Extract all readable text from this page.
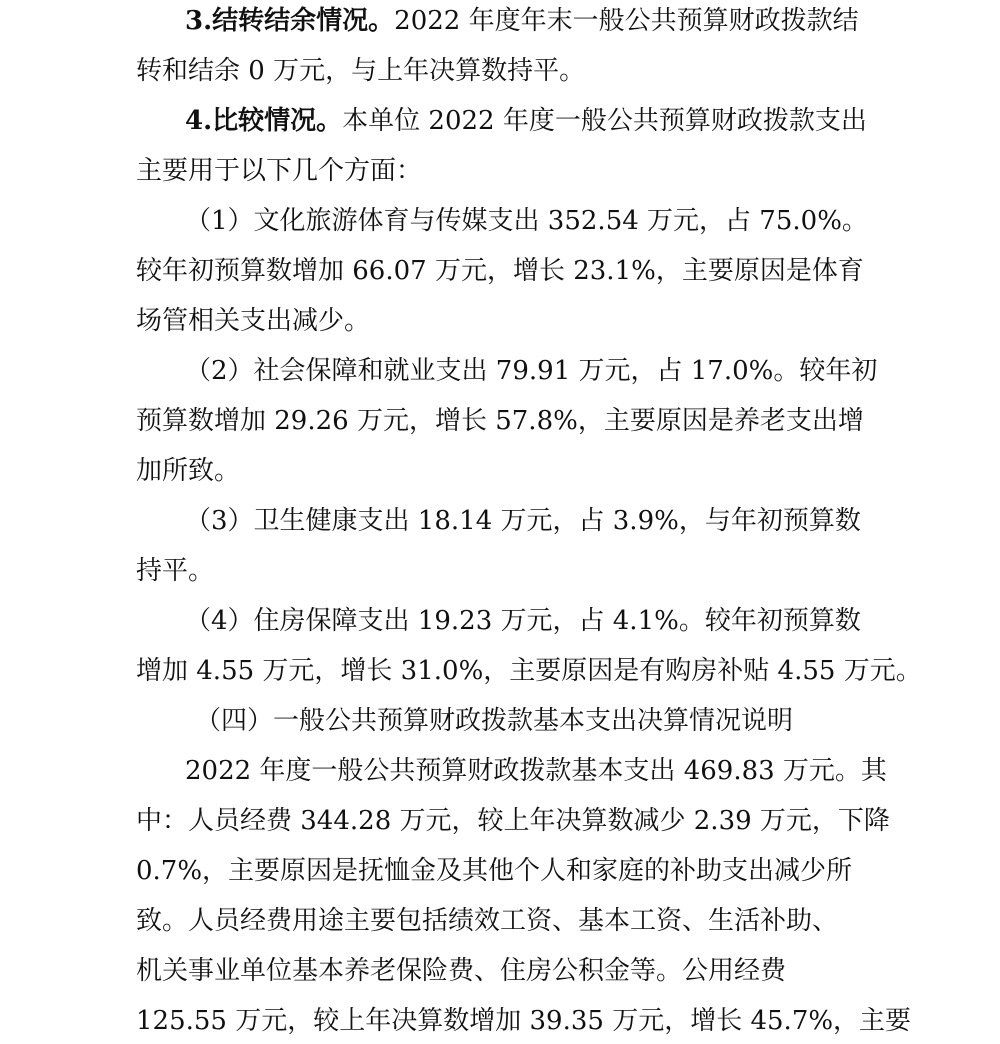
3.结转结余情况。2022 年度年末一般公共预算财政拨款结
转和结余 0 万元，与上年决算数持平。
4.比较情况。本单位 2022 年度一般公共预算财政拨款支出
主要用于以下几个方面：
（1）文化旅游体育与传媒支出 352.54 万元，占 75.0%。
较年初预算数增加 66.07 万元，增长 23.1%，主要原因是体育
场管相关支出减少。
（2）社会保障和就业支出 79.91 万元，占 17.0%。较年初
预算数增加 29.26 万元，增长 57.8%，主要原因是养老支出增
加所致。
（3）卫生健康支出 18.14 万元，占 3.9%，与年初预算数
持平。
（4）住房保障支出 19.23 万元，占 4.1%。较年初预算数
增加 4.55 万元，增长 31.0%，主要原因是有购房补贴 4.55 万元。
（四）一般公共预算财政拨款基本支出决算情况说明
2022 年度一般公共预算财政拨款基本支出 469.83 万元。其
中：人员经费 344.28 万元，较上年决算数减少 2.39 万元，下降
0.7%，主要原因是抚恤金及其他个人和家庭的补助支出减少所
致。人员经费用途主要包括绩效工资、基本工资、生活补助、
机关事业单位基本养老保险费、住房公积金等。公用经费
125.55 万元，较上年决算数增加 39.35 万元，增长 45.7%，主要
